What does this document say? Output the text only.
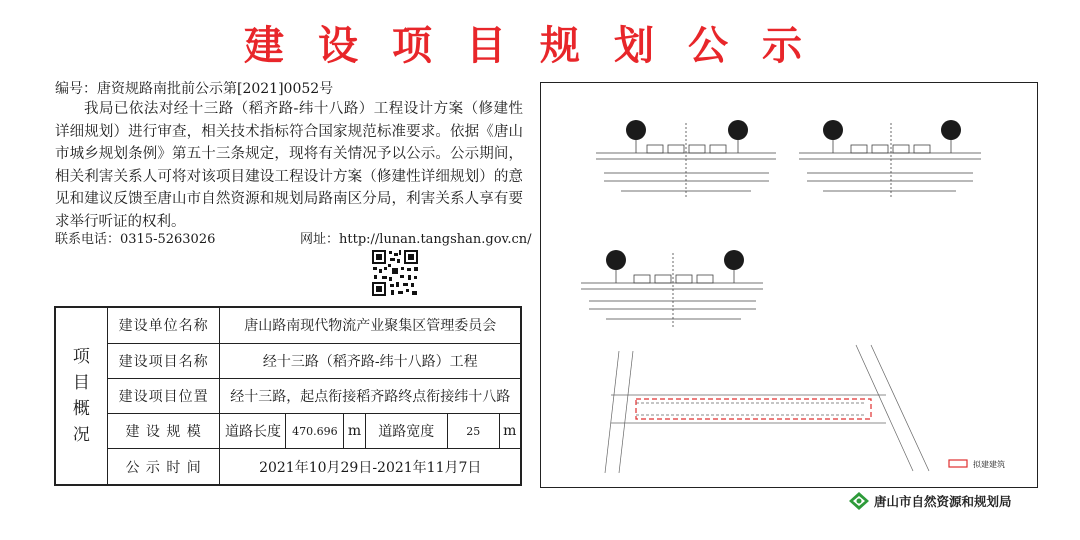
建设项目规划公示
编号：唐资规路南批前公示第[2021]0052号
我局已依法对经十三路（稻齐路-纬十八路）工程设计方案（修建性详细规划）进行审查，相关技术指标符合国家规范标准要求。依据《唐山市城乡规划条例》第五十三条规定，现将有关情况予以公示。公示期间，相关利害关系人可将对该项目建设工程设计方案（修建性详细规划）的意见和建议反馈至唐山市自然资源和规划局路南区分局，利害关系人享有要求举行听证的权利。
联系电话：0315-5263026	网址：http://lunan.tangshan.gov.cn/
项
目
概
况	建设单位名称	唐山路南现代物流产业聚集区管理委员会					
	建设项目名称	经十三路（稻齐路-纬十八路）工程					
	建设项目位置	经十三路，起点衔接稻齐路终点衔接纬十八路					
	建 设 规 模	道路长度	470.696	m	道路宽度	25	m
	公 示 时 间	2021年10月29日-2021年11月7日						拟建建筑
唐山市自然资源和规划局
